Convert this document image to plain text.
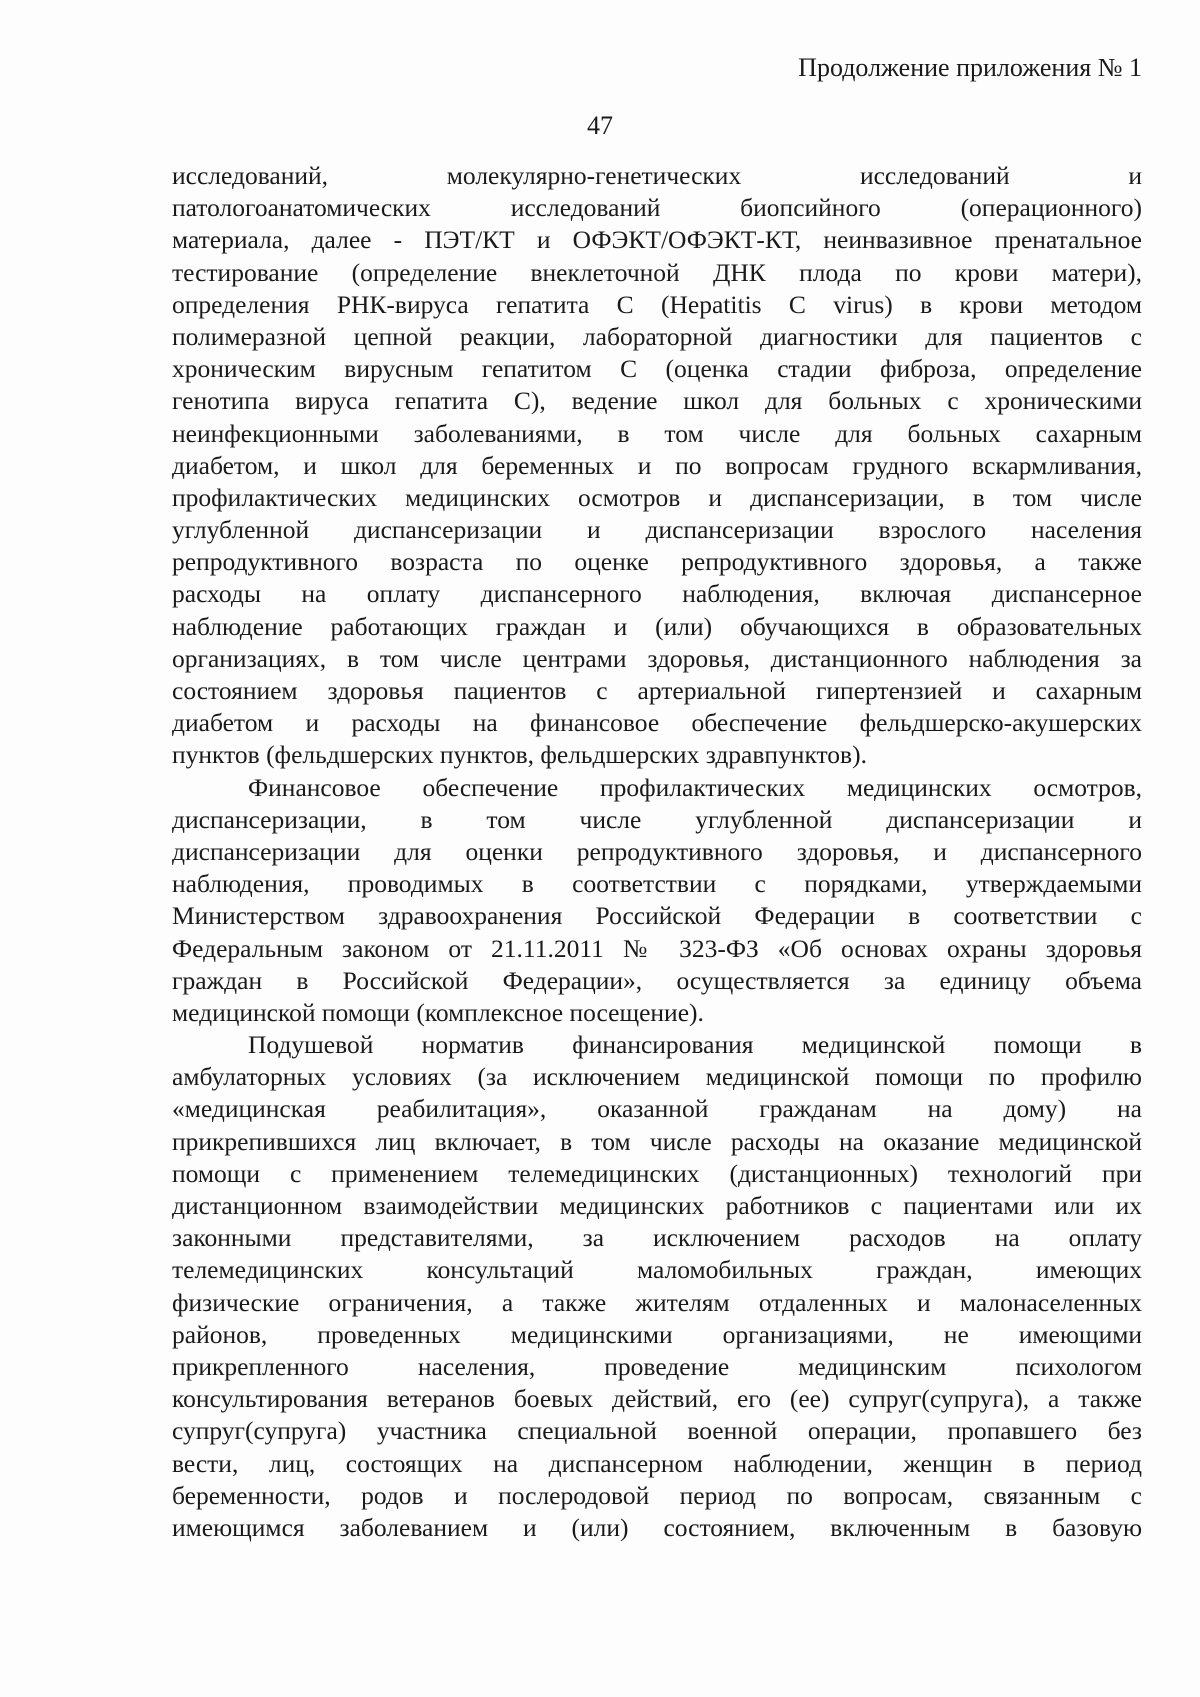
Продолжение приложения № 1
47
исследований, молекулярно-генетических исследований и
патологоанатомических исследований биопсийного (операционного)
материала, далее - ПЭТ/КТ и ОФЭКТ/ОФЭКТ-КТ, неинвазивное пренатальное
тестирование (определение внеклеточной ДНК плода по крови матери),
определения РНК-вируса гепатита С (Hepatitis C virus) в крови методом
полимеразной цепной реакции, лабораторной диагностики для пациентов с
хроническим вирусным гепатитом С (оценка стадии фиброза, определение
генотипа вируса гепатита С), ведение школ для больных с хроническими
неинфекционными заболеваниями, в том числе для больных сахарным
диабетом, и школ для беременных и по вопросам грудного вскармливания,
профилактических медицинских осмотров и диспансеризации, в том числе
углубленной диспансеризации и диспансеризации взрослого населения
репродуктивного возраста по оценке репродуктивного здоровья, а также
расходы на оплату диспансерного наблюдения, включая диспансерное
наблюдение работающих граждан и (или) обучающихся в образовательных
организациях, в том числе центрами здоровья, дистанционного наблюдения за
состоянием здоровья пациентов с артериальной гипертензией и сахарным
диабетом и расходы на финансовое обеспечение фельдшерско-акушерских
пунктов (фельдшерских пунктов, фельдшерских здравпунктов).
Финансовое обеспечение профилактических медицинских осмотров,
диспансеризации, в том числе углубленной диспансеризации и
диспансеризации для оценки репродуктивного здоровья, и диспансерного
наблюдения, проводимых в соответствии с порядками, утверждаемыми
Министерством здравоохранения Российской Федерации в соответствии с
Федеральным законом от 21.11.2011 № 323-ФЗ «Об основах охраны здоровья
граждан в Российской Федерации», осуществляется за единицу объема
медицинской помощи (комплексное посещение).
Подушевой норматив финансирования медицинской помощи в
амбулаторных условиях (за исключением медицинской помощи по профилю
«медицинская реабилитация», оказанной гражданам на дому) на
прикрепившихся лиц включает, в том числе расходы на оказание медицинской
помощи с применением телемедицинских (дистанционных) технологий при
дистанционном взаимодействии медицинских работников с пациентами или их
законными представителями, за исключением расходов на оплату
телемедицинских консультаций маломобильных граждан, имеющих
физические ограничения, а также жителям отдаленных и малонаселенных
районов, проведенных медицинскими организациями, не имеющими
прикрепленного населения, проведение медицинским психологом
консультирования ветеранов боевых действий, его (ее) супруг(супруга), а также
супруг(супруга) участника специальной военной операции, пропавшего без
вести, лиц, состоящих на диспансерном наблюдении, женщин в период
беременности, родов и послеродовой период по вопросам, связанным с
имеющимся заболеванием и (или) состоянием, включенным в базовую
